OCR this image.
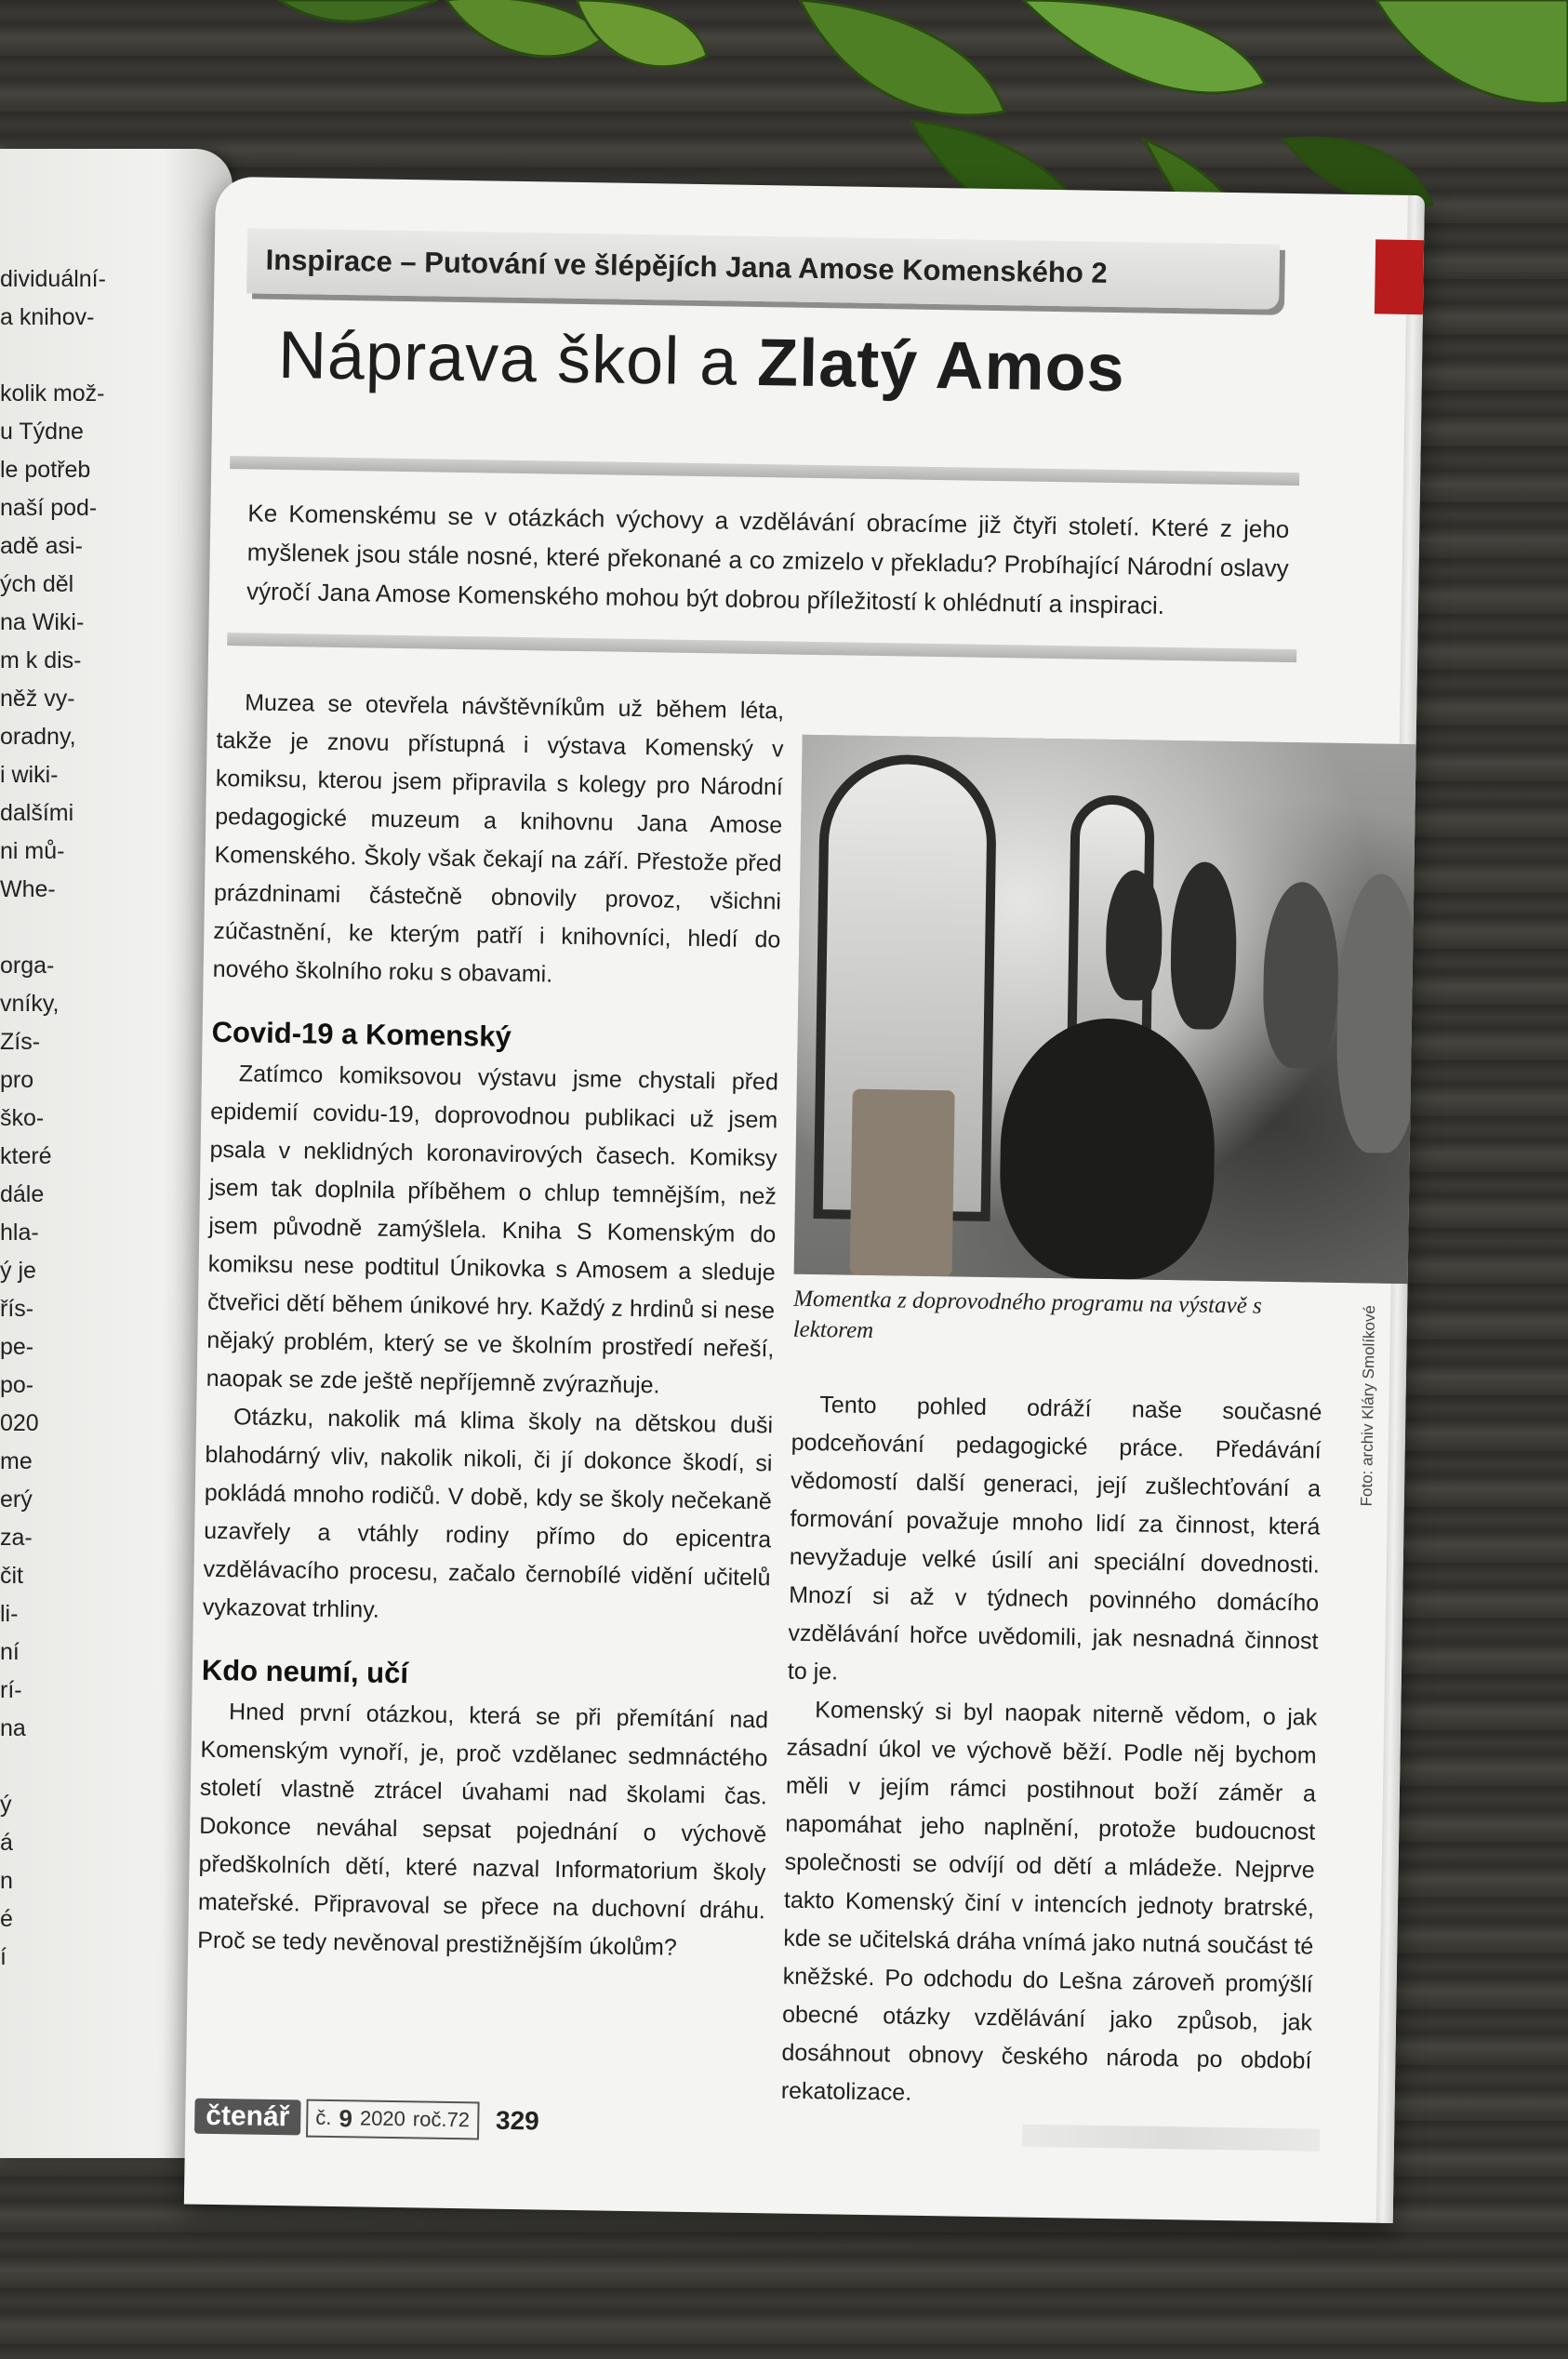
dividuální-
a knihov-

kolik mož-
u Týdne
le potřeb
naší pod-
adě asi-
ých děl
na Wiki-
m k dis-
něž vy-
oradny,
i wiki-
dalšími
ni mů-
Whe-

orga-
vníky,
Zís-
pro
ško-
které
dále
hla-
ý je
řís-
pe-
po-
020
me
erý
za-
čit
li-
ní
rí-
na

ý
á
n
é
í
Inspirace – Putování ve šlépějích Jana Amose Komenského 2
Náprava škol a Zlatý Amos
Ke Komenskému se v otázkách výchovy a vzdělávání obracíme již čtyři století. Které z jeho myšlenek jsou stále nosné, které překonané a co zmizelo v překladu? Probíhající Národní oslavy výročí Jana Amose Komenského mohou být dobrou příležitostí k ohlédnutí a inspiraci.

Muzea se otevřela návštěvníkům už během léta, takže je znovu přístupná i výstava Komenský v komiksu, kterou jsem připravila s kolegy pro Národní pedagogické muzeum a knihovnu Jana Amose Komenského. Školy však čekají na září. Přestože před prázdninami částečně obnovily provoz, všichni zúčastnění, ke kterým patří i knihovníci, hledí do nového školního roku s obavami.

Covid-19 a Komenský

Zatímco komiksovou výstavu jsme chystali před epidemií covidu-19, doprovodnou publikaci už jsem psala v neklidných koronavirových časech. Komiksy jsem tak doplnila příběhem o chlup temnějším, než jsem původně zamýšlela. Kniha S Komenským do komiksu nese podtitul Únikovka s Amosem a sleduje čtveřici dětí během únikové hry. Každý z hrdinů si nese nějaký problém, který se ve školním prostředí neřeší, naopak se zde ještě nepříjemně zvýrazňuje.

Otázku, nakolik má klima školy na dětskou duši blahodárný vliv, nakolik nikoli, či jí dokonce škodí, si pokládá mnoho rodičů. V době, kdy se školy nečekaně uzavřely a vtáhly rodiny přímo do epicentra vzdělávacího procesu, začalo černobílé vidění učitelů vykazovat trhliny.

Kdo neumí, učí

Hned první otázkou, která se při přemítání nad Komenským vynoří, je, proč vzdělanec sedmnáctého století vlastně ztrácel úvahami nad školami čas. Dokonce neváhal sepsat pojednání o výchově předškolních dětí, které nazval Informatorium školy mateřské. Připravoval se přece na duchovní dráhu. Proč se tedy nevěnoval prestižnějším úkolům?

Momentka z doprovodného programu na výstavě s lektorem	Foto: archiv Kláry Smolíkové

Tento pohled odráží naše současné podceňování pedagogické práce. Předávání vědomostí další generaci, její zušlechťování a formování považuje mnoho lidí za činnost, která nevyžaduje velké úsilí ani speciální dovednosti. Mnozí si až v týdnech povinného domácího vzdělávání hořce uvědomili, jak nesnadná činnost to je.

Komenský si byl naopak niterně vědom, o jak zásadní úkol ve výchově běží. Podle něj bychom měli v jejím rámci postihnout boží záměr a napomáhat jeho naplnění, protože budoucnost společnosti se odvíjí od dětí a mládeže. Nejprve takto Komenský činí v intencích jednoty bratrské, kde se učitelská dráha vnímá jako nutná součást té kněžské. Po odchodu do Lešna zároveň promýšlí obecné otázky vzdělávání jako způsob, jak dosáhnout obnovy českého národa po období rekatolizace.

čtenář	č. 9 2020 roč.72 329
